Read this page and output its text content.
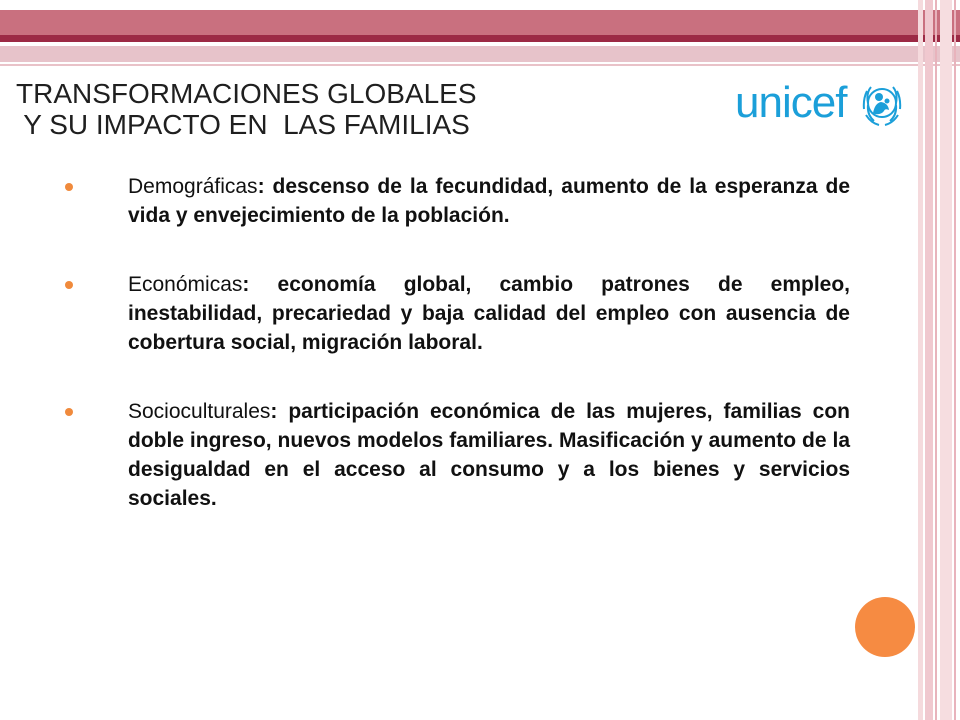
TRANSFORMACIONES GLOBALES
Y SU IMPACTO EN  LAS FAMILIAS	unicef
Demográficas: descenso de la fecundidad, aumento de la esperanza de vida y envejecimiento de la población.
Económicas: economía global, cambio patrones de empleo, inestabilidad, precariedad y baja calidad del empleo con ausencia de cobertura social, migración laboral.
Socioculturales: participación económica de las mujeres, familias con doble ingreso, nuevos modelos familiares. Masificación y aumento de la desigualdad en el acceso al consumo y a los bienes y servicios sociales.
